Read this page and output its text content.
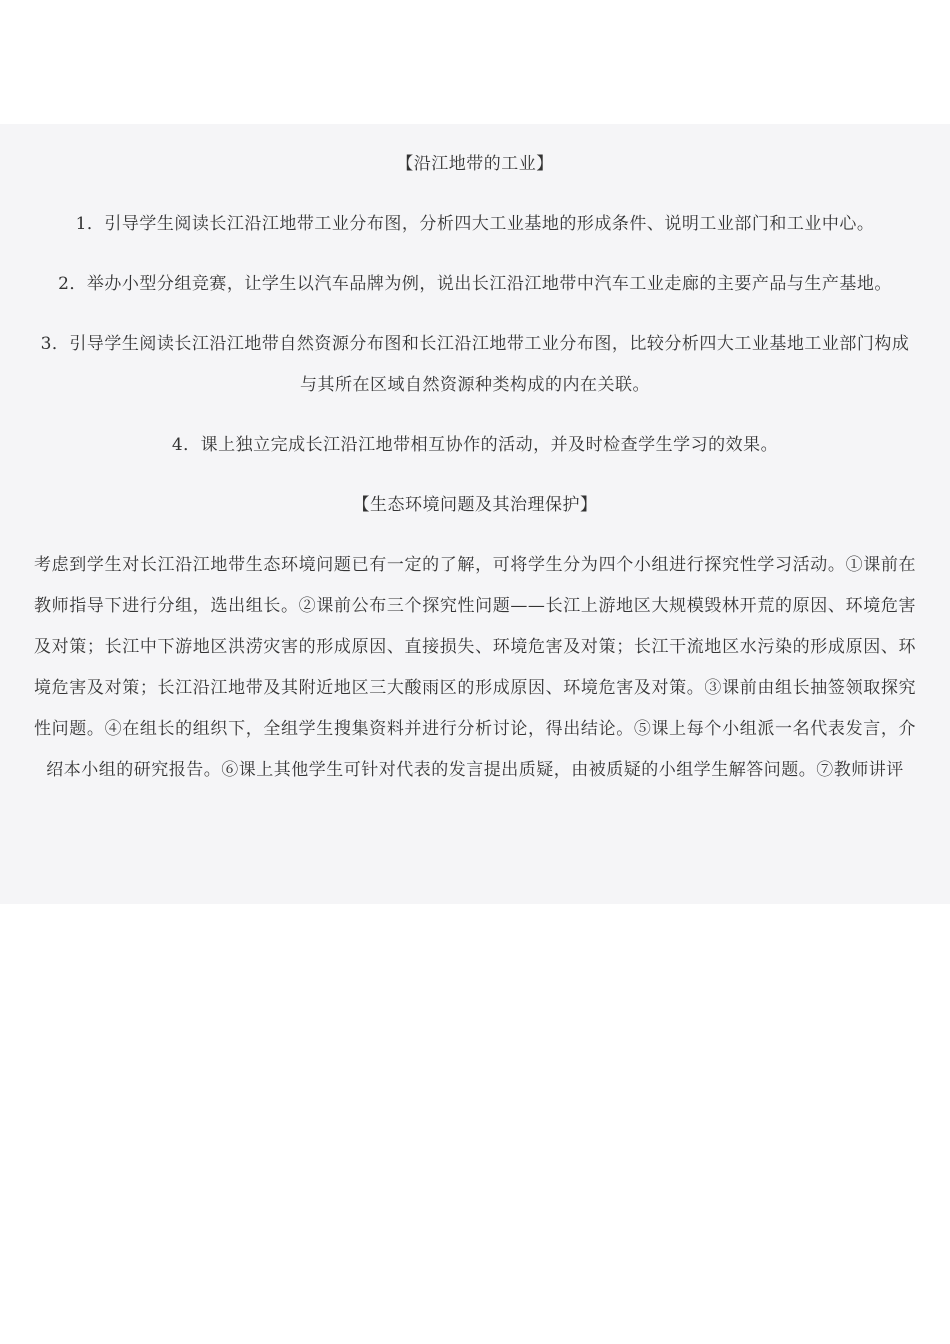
【沿江地带的工业】

1．引导学生阅读长江沿江地带工业分布图，分析四大工业基地的形成条件、说明工业部门和工业中心。

2．举办小型分组竞赛，让学生以汽车品牌为例，说出长江沿江地带中汽车工业走廊的主要产品与生产基地。

3．引导学生阅读长江沿江地带自然资源分布图和长江沿江地带工业分布图，比较分析四大工业基地工业部门构成与其所在区域自然资源种类构成的内在关联。

4．课上独立完成长江沿江地带相互协作的活动，并及时检查学生学习的效果。

【生态环境问题及其治理保护】

考虑到学生对长江沿江地带生态环境问题已有一定的了解，可将学生分为四个小组进行探究性学习活动。①课前在教师指导下进行分组，选出组长。②课前公布三个探究性问题——长江上游地区大规模毁林开荒的原因、环境危害及对策；长江中下游地区洪涝灾害的形成原因、直接损失、环境危害及对策；长江干流地区水污染的形成原因、环境危害及对策；长江沿江地带及其附近地区三大酸雨区的形成原因、环境危害及对策。③课前由组长抽签领取探究性问题。④在组长的组织下，全组学生搜集资料并进行分析讨论，得出结论。⑤课上每个小组派一名代表发言，介绍本小组的研究报告。⑥课上其他学生可针对代表的发言提出质疑，由被质疑的小组学生解答问题。⑦教师讲评
